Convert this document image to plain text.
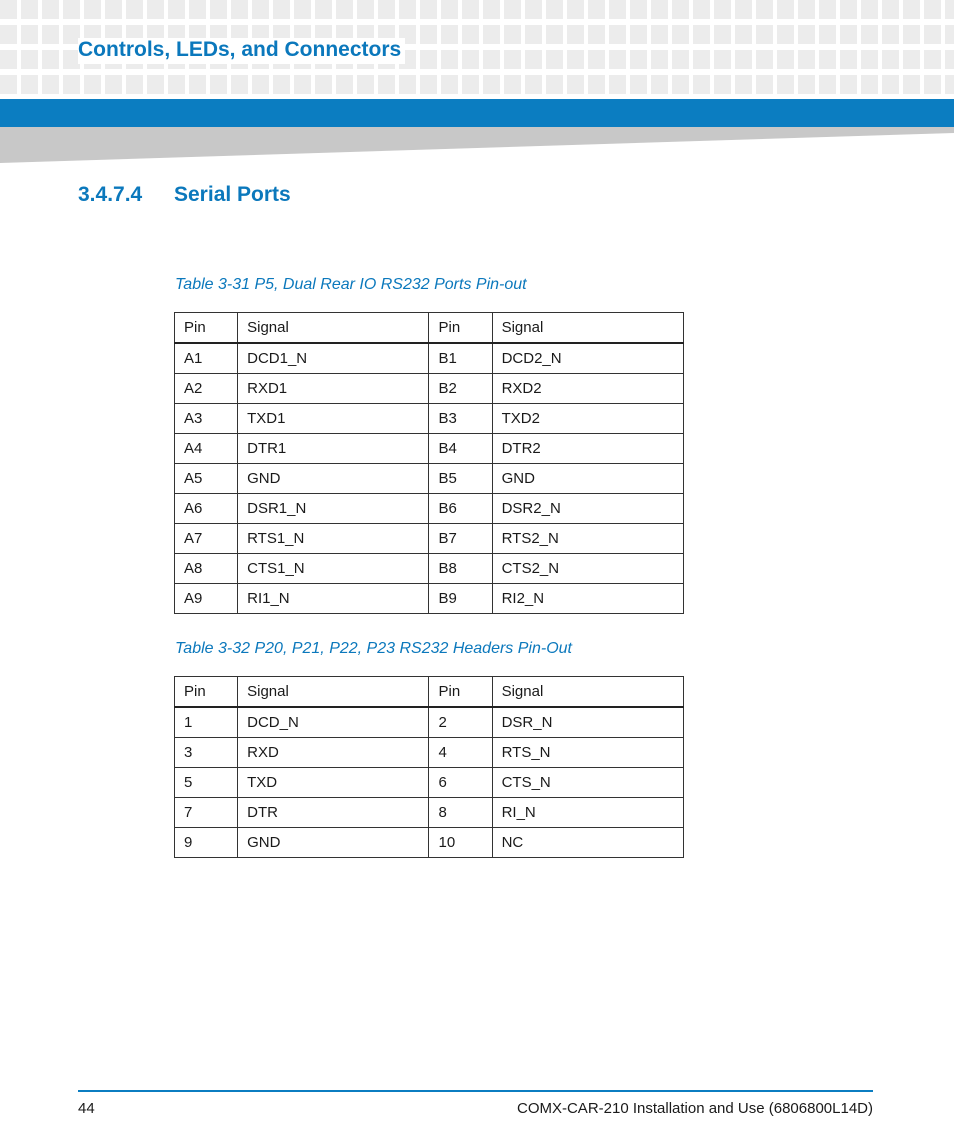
Controls, LEDs, and Connectors
3.4.7.4 Serial Ports

Table 3-31 P5, Dual Rear IO RS232 Ports Pin-out

Pin	Signal	Pin	Signal
A1	DCD1_N	B1	DCD2_N
A2	RXD1	B2	RXD2
A3	TXD1	B3	TXD2
A4	DTR1	B4	DTR2
A5	GND	B5	GND
A6	DSR1_N	B6	DSR2_N
A7	RTS1_N	B7	RTS2_N
A8	CTS1_N	B8	CTS2_N
A9	RI1_N	B9	RI2_N

Table 3-32 P20, P21, P22, P23 RS232 Headers Pin-Out

Pin	Signal	Pin	Signal
1	DCD_N	2	DSR_N
3	RXD	4	RTS_N
5	TXD	6	CTS_N
7	DTR	8	RI_N
9	GND	10	NC
44	COMX-CAR-210 Installation and Use (6806800L14D)
